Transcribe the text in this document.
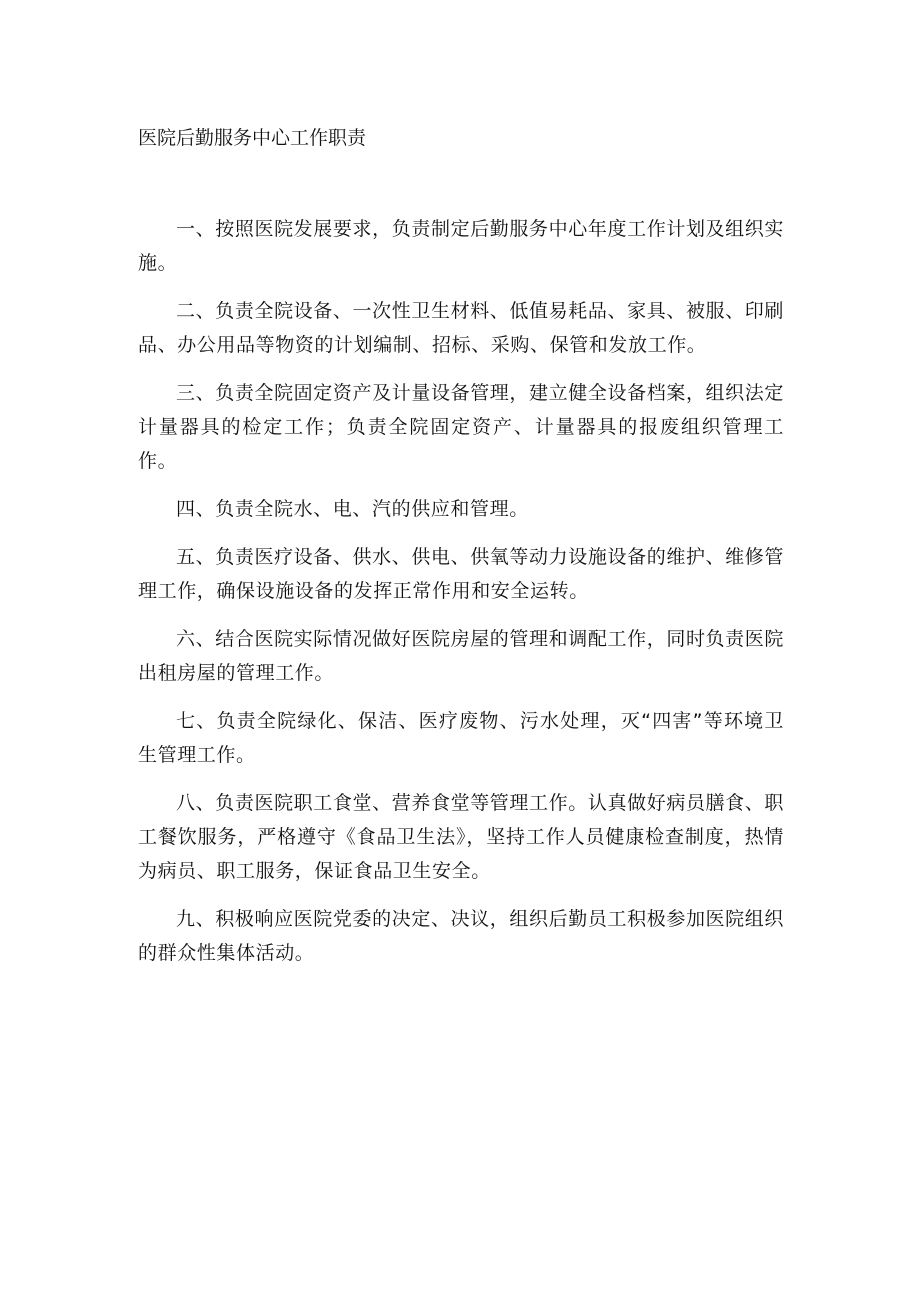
医院后勤服务中心工作职责

一、按照医院发展要求，负责制定后勤服务中心年度工作计划及组织实施。

二、负责全院设备、一次性卫生材料、低值易耗品、家具、被服、印刷品、办公用品等物资的计划编制、招标、采购、保管和发放工作。

三、负责全院固定资产及计量设备管理，建立健全设备档案，组织法定计量器具的检定工作；负责全院固定资产、计量器具的报废组织管理工作。

四、负责全院水、电、汽的供应和管理。

五、负责医疗设备、供水、供电、供氧等动力设施设备的维护、维修管理工作，确保设施设备的发挥正常作用和安全运转。

六、结合医院实际情况做好医院房屋的管理和调配工作，同时负责医院出租房屋的管理工作。

七、负责全院绿化、保洁、医疗废物、污水处理，灭“四害”等环境卫生管理工作。

八、负责医院职工食堂、营养食堂等管理工作。认真做好病员膳食、职工餐饮服务，严格遵守《食品卫生法》，坚持工作人员健康检查制度，热情为病员、职工服务，保证食品卫生安全。

九、积极响应医院党委的决定、决议，组织后勤员工积极参加医院组织的群众性集体活动。
